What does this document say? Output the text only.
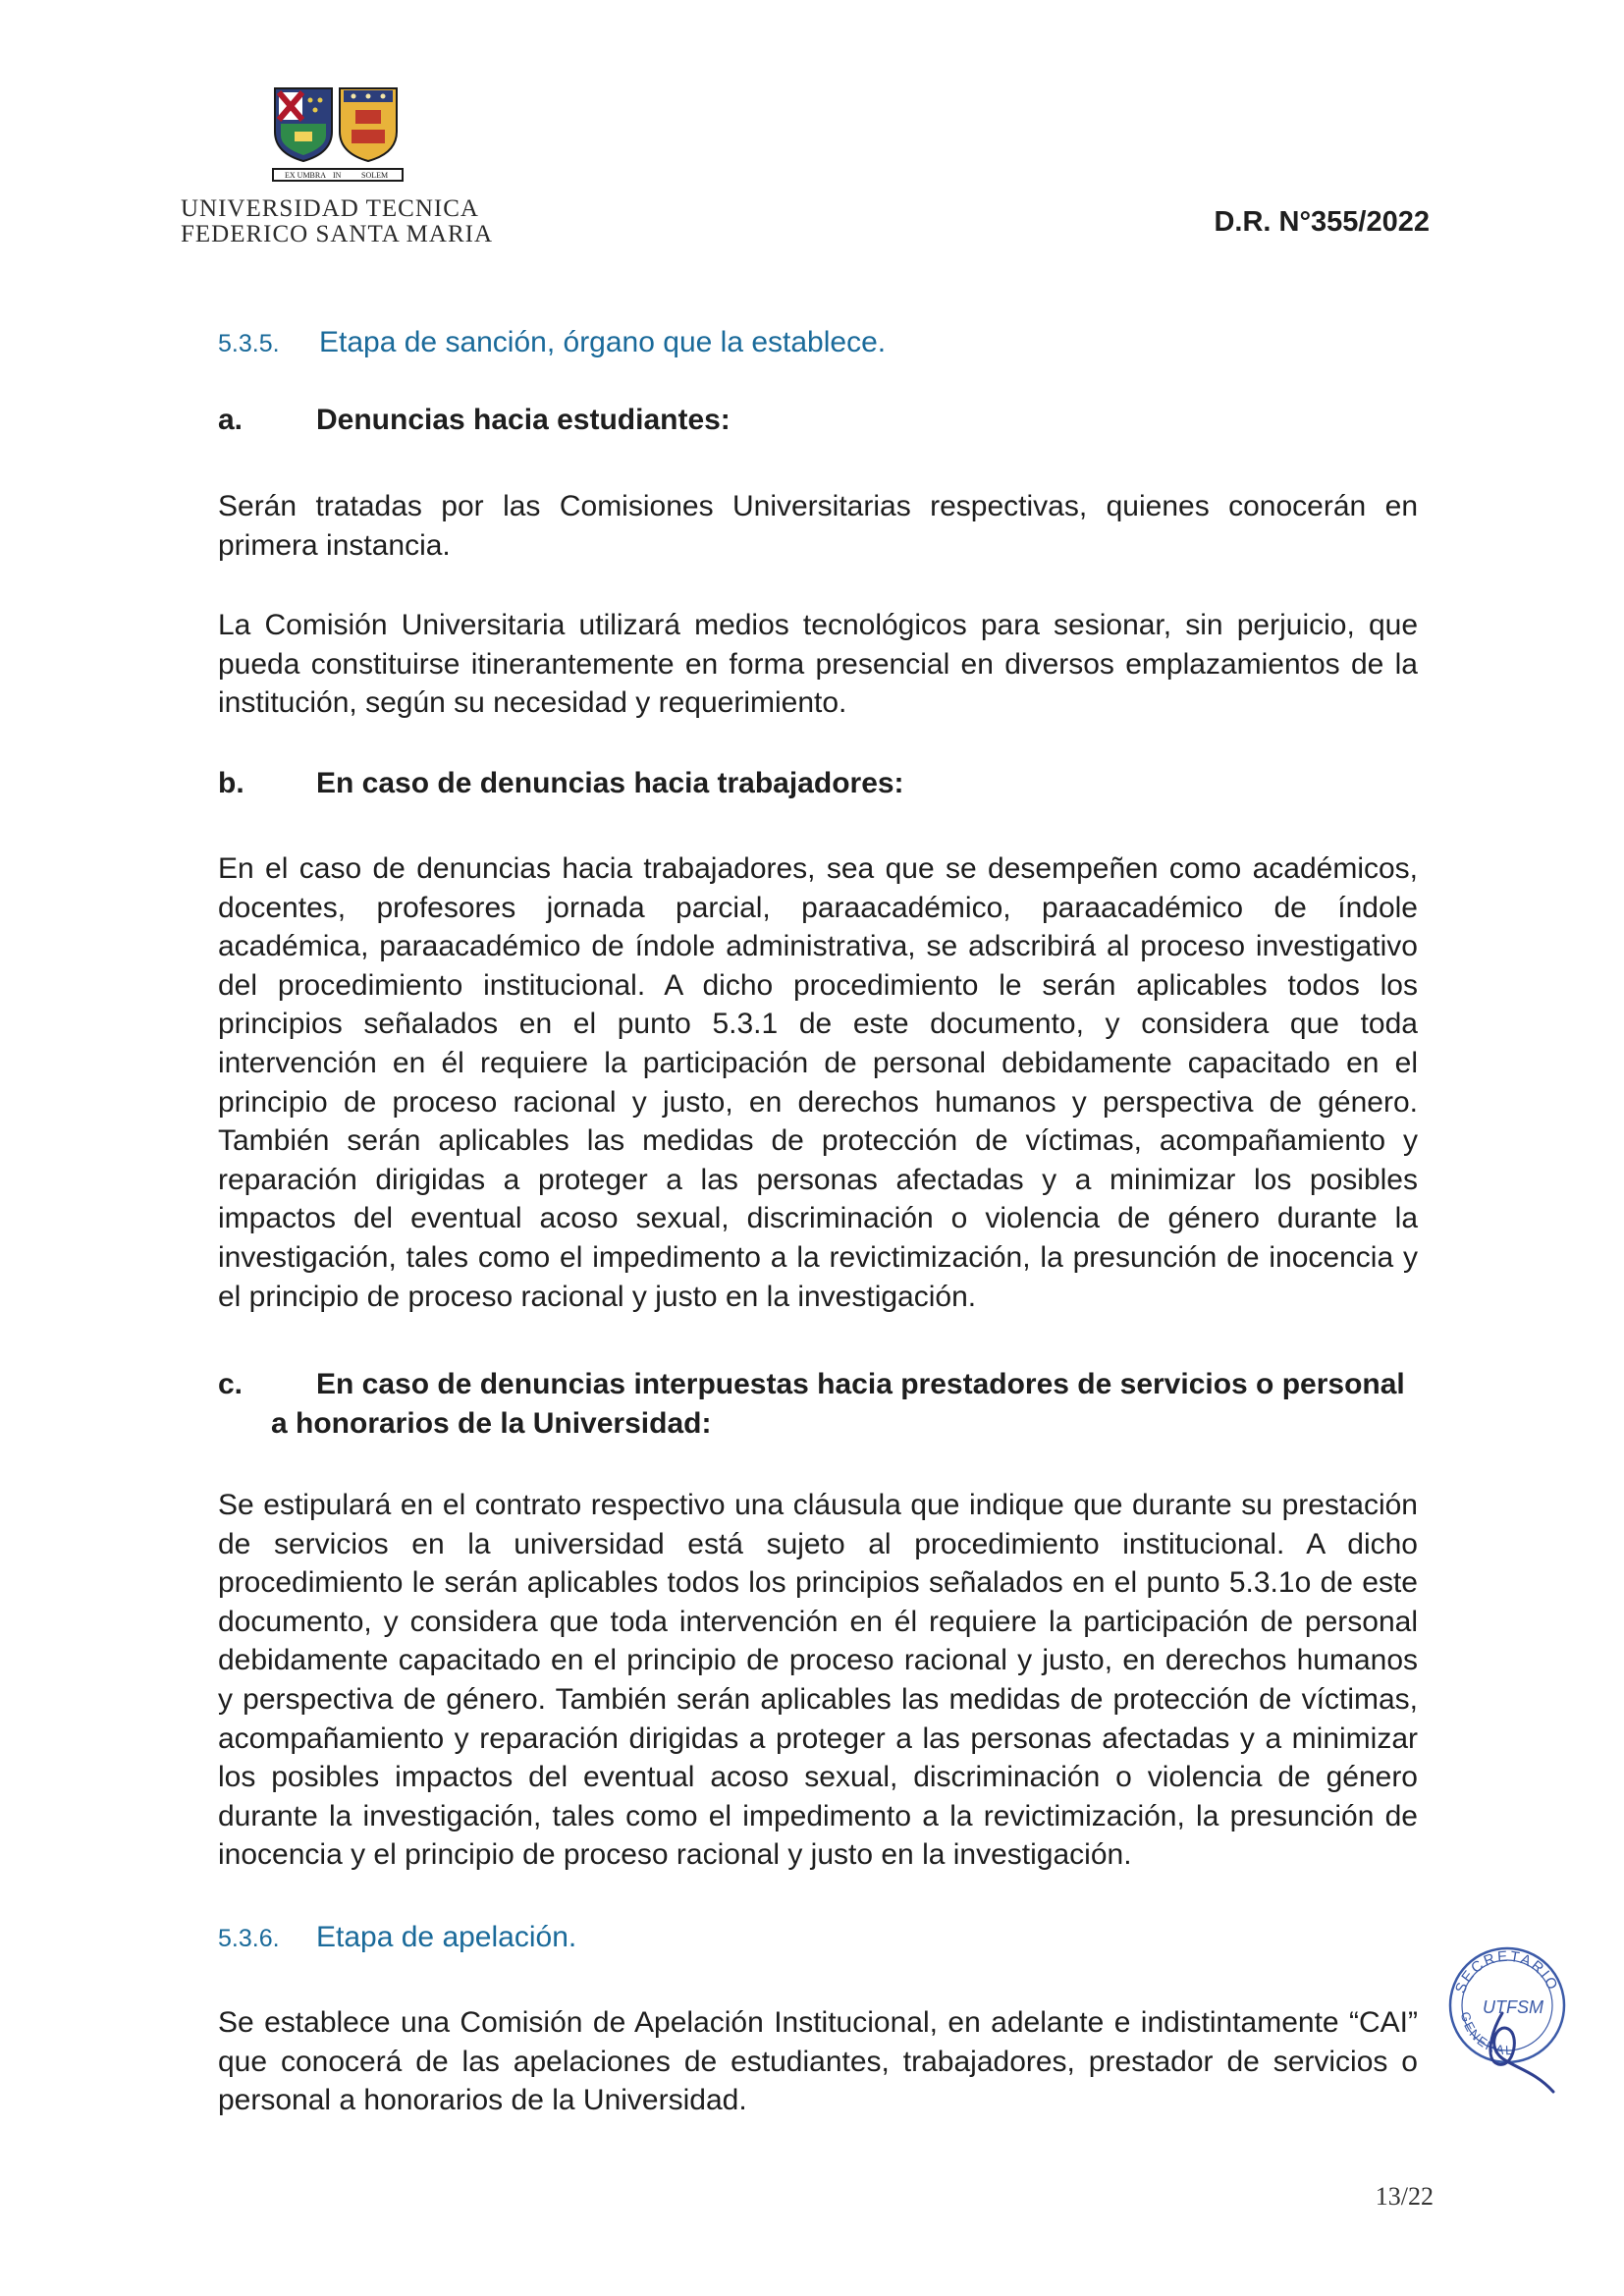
EX UMBRA IN	SOLEM
UNIVERSIDAD TECNICA
FEDERICO SANTA MARIA	D.R. N°355/2022
5.3.5. Etapa de sanción, órgano que la establece.
a. Denuncias hacia estudiantes:

Serán tratadas por las Comisiones Universitarias respectivas, quienes conocerán en primera instancia.

La Comisión Universitaria utilizará medios tecnológicos para sesionar, sin perjuicio, que pueda constituirse itinerantemente en forma presencial en diversos emplazamientos de la institución, según su necesidad y requerimiento.

b. En caso de denuncias hacia trabajadores:

En el caso de denuncias hacia trabajadores, sea que se desempeñen como académicos, docentes, profesores jornada parcial, paraacadémico, paraacadémico de índole académica, paraacadémico de índole administrativa, se adscribirá al proceso investigativo del procedimiento institucional. A dicho procedimiento le serán aplicables todos los principios señalados en el punto 5.3.1 de este documento, y considera que toda intervención en él requiere la participación de personal debidamente capacitado en el principio de proceso racional y justo, en derechos humanos y perspectiva de género. También serán aplicables las medidas de protección de víctimas, acompañamiento y reparación dirigidas a proteger a las personas afectadas y a minimizar los posibles impactos del eventual acoso sexual, discriminación o violencia de género durante la investigación, tales como el impedimento a la revictimización, la presunción de inocencia y el principio de proceso racional y justo en la investigación.

c. En caso de denuncias interpuestas hacia prestadores de servicios o personal
a honorarios de la Universidad:

Se estipulará en el contrato respectivo una cláusula que indique que durante su prestación de servicios en la universidad está sujeto al procedimiento institucional. A dicho procedimiento le serán aplicables todos los principios señalados en el punto 5.3.1o de este documento, y considera que toda intervención en él requiere la participación de personal debidamente capacitado en el principio de proceso racional y justo, en derechos humanos y perspectiva de género. También serán aplicables las medidas de protección de víctimas, acompañamiento y reparación dirigidas a proteger a las personas afectadas y a minimizar los posibles impactos del eventual acoso sexual, discriminación o violencia de género durante la investigación, tales como el impedimento a la revictimización, la presunción de inocencia y el principio de proceso racional y justo en la investigación.

5.3.6. Etapa de apelación.

Se establece una Comisión de Apelación Institucional, en adelante e indistintamente “CAI” que conocerá de las apelaciones de estudiantes, trabajadores, prestador de servicios o personal a honorarios de la Universidad.

SECRETARIO
UTFSM
GENERAL
13/22
